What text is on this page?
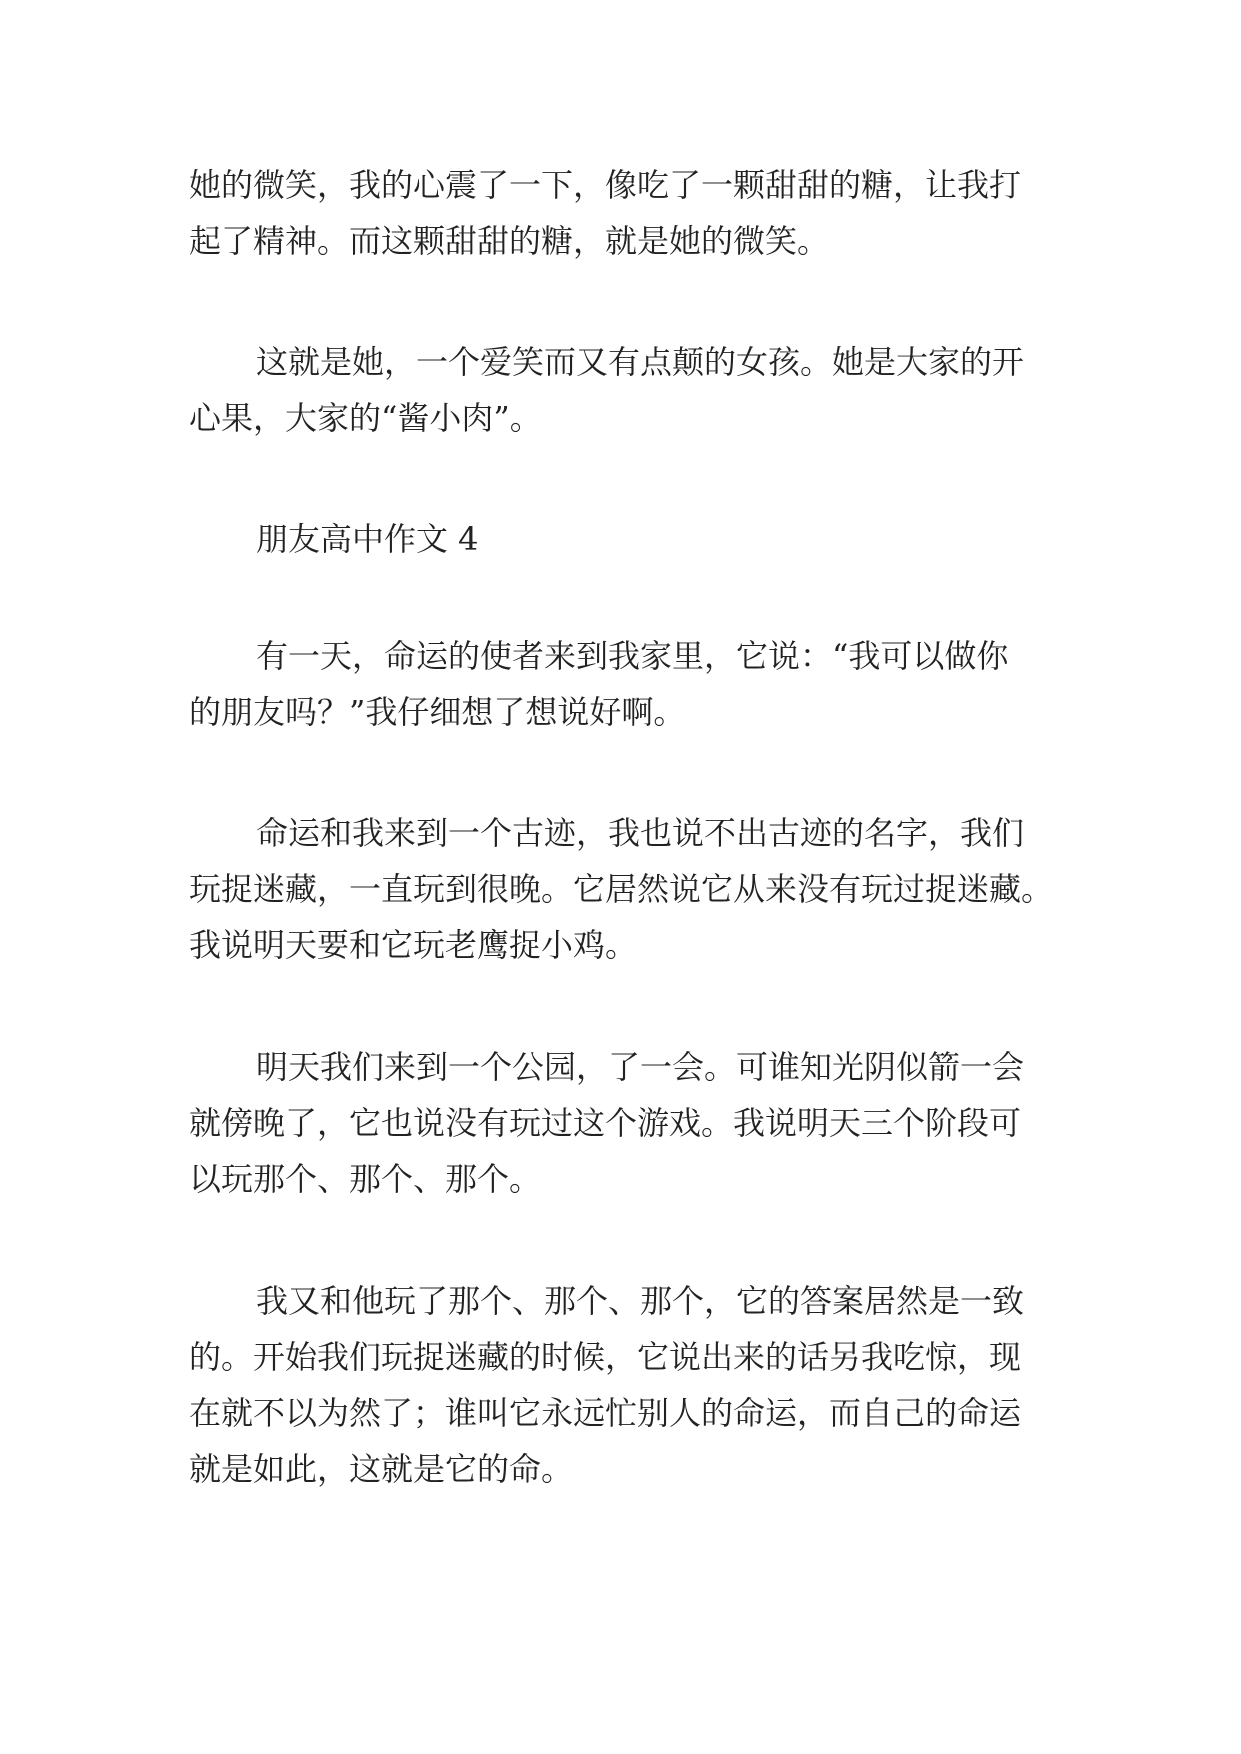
她的微笑，我的心震了一下，像吃了一颗甜甜的糖，让我打
起了精神。而这颗甜甜的糖，就是她的微笑。

这就是她，一个爱笑而又有点颠的女孩。她是大家的开
心果，大家的“酱小肉”。

朋友高中作文 4

有一天，命运的使者来到我家里，它说：“我可以做你
的朋友吗？”我仔细想了想说好啊。

命运和我来到一个古迹，我也说不出古迹的名字，我们
玩捉迷藏，一直玩到很晚。它居然说它从来没有玩过捉迷藏。
我说明天要和它玩老鹰捉小鸡。

明天我们来到一个公园，了一会。可谁知光阴似箭一会
就傍晚了，它也说没有玩过这个游戏。我说明天三个阶段可
以玩那个、那个、那个。

我又和他玩了那个、那个、那个，它的答案居然是一致
的。开始我们玩捉迷藏的时候，它说出来的话另我吃惊，现
在就不以为然了；谁叫它永远忙别人的命运，而自己的命运
就是如此，这就是它的命。
